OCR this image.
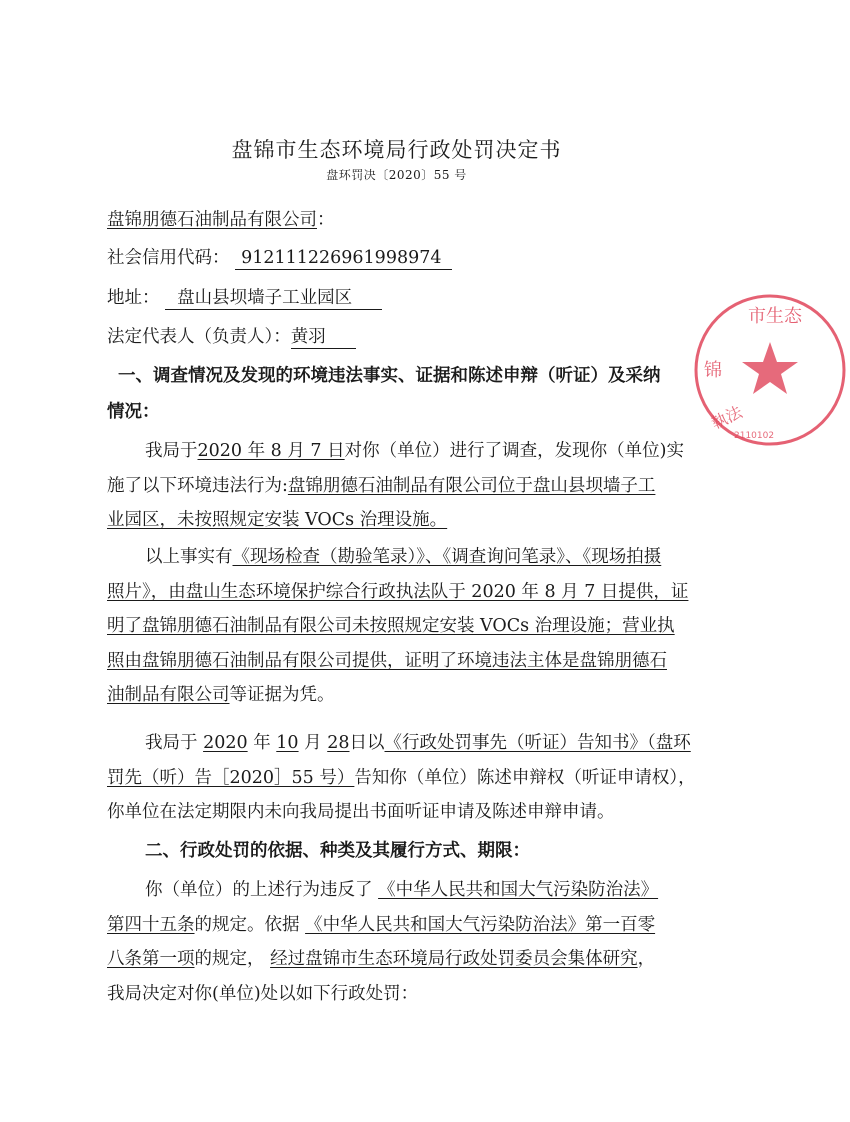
盘锦市生态环境局行政处罚决定书
盘环罚决〔2020〕55 号
盘锦朋德石油制品有限公司：
社会信用代码： 912111226961998974
地址： 盘山县坝墙子工业园区
法定代表人（负责人）：黄羽
一、调查情况及发现的环境违法事实、证据和陈述申辩（听证）及采纳
情况：
我局于2020 年 8 月 7 日对你（单位）进行了调查，发现你（单位)实
施了以下环境违法行为:盘锦朋德石油制品有限公司位于盘山县坝墙子工
业园区，未按照规定安装 VOCs 治理设施。
以上事实有《现场检查（勘验笔录）》、《调查询问笔录》、《现场拍摄
照片》，由盘山生态环境保护综合行政执法队于 2020 年 8 月 7 日提供，证
明了盘锦朋德石油制品有限公司未按照规定安装 VOCs 治理设施；营业执
照由盘锦朋德石油制品有限公司提供，证明了环境违法主体是盘锦朋德石
油制品有限公司等证据为凭。
我局于 2020 年 10 月 28日以《行政处罚事先（听证）告知书》（盘环
罚先（听）告［2020］55 号）告知你（单位）陈述申辩权（听证申请权），
你单位在法定期限内未向我局提出书面听证申请及陈述申辩申请。
二、行政处罚的依据、种类及其履行方式、期限：
你（单位）的上述行为违反了 《中华人民共和国大气污染防治法》
第四十五条的规定。依据 《中华人民共和国大气污染防治法》第一百零
八条第一项的规定， 经过盘锦市生态环境局行政处罚委员会集体研究，
我局决定对你(单位)处以如下行政处罚：
市生态
锦
執法
2110102
